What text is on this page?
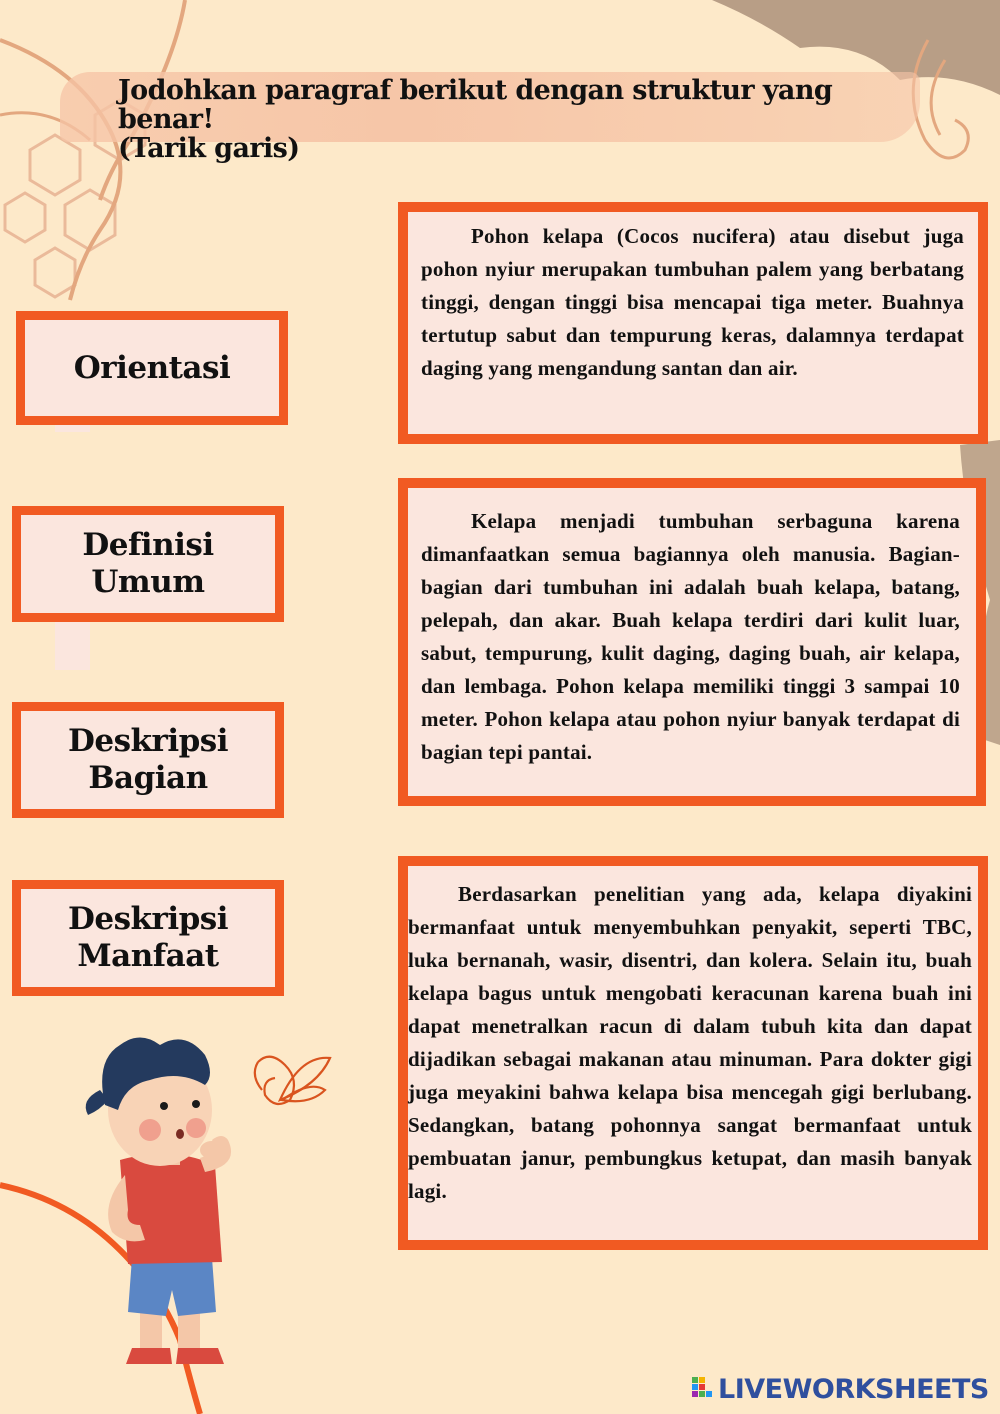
Jodohkan paragraf berikut dengan struktur yang benar!
(Tarik garis)
Orientasi
Definisi
Umum
Deskripsi
Bagian
Deskripsi
Manfaat

Pohon kelapa (Cocos nucifera) atau disebut juga pohon nyiur merupakan tumbuhan palem yang berbatang tinggi, dengan tinggi bisa mencapai tiga meter. Buahnya tertutup sabut dan tempurung keras, dalamnya terdapat daging yang mengandung santan dan air.

Kelapa menjadi tumbuhan serbaguna karena dimanfaatkan semua bagiannya oleh manusia. Bagian-bagian dari tumbuhan ini adalah buah kelapa, batang, pelepah, dan akar. Buah kelapa terdiri dari kulit luar, sabut, tempurung, kulit daging, daging buah, air kelapa, dan lembaga. Pohon kelapa memiliki tinggi 3 sampai 10 meter. Pohon kelapa atau pohon nyiur banyak terdapat di bagian tepi pantai.

Berdasarkan penelitian yang ada, kelapa diyakini bermanfaat untuk menyembuhkan penyakit, seperti TBC, luka bernanah, wasir, disentri, dan kolera. Selain itu, buah kelapa bagus untuk mengobati keracunan karena buah ini dapat menetralkan racun di dalam tubuh kita dan dapat dijadikan sebagai makanan atau minuman. Para dokter gigi juga meyakini bahwa kelapa bisa mencegah gigi berlubang. Sedangkan, batang pohonnya sangat bermanfaat untuk pembuatan janur, pembungkus ketupat, dan masih banyak lagi.

LIVEWORKSHEETS
